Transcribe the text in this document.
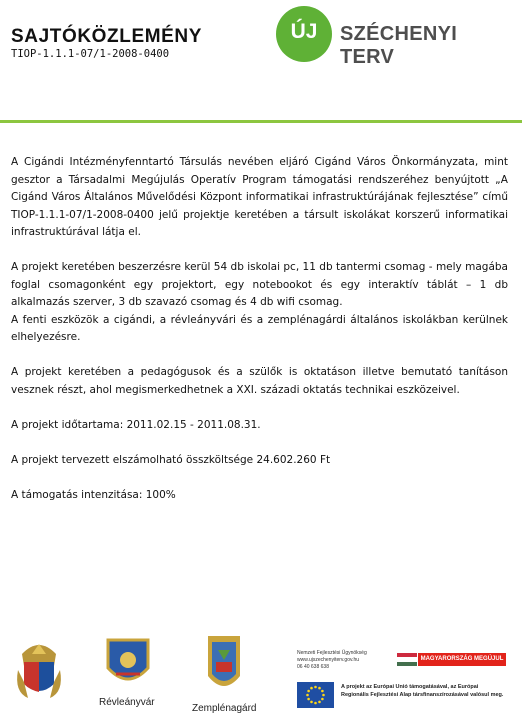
SAJTÓKÖZLEMÉNY
TIOP-1.1.1-07/1-2008-0400
ÚJ	SZÉCHENYI TERV

A Cigándi Intézményfenntartó Társulás nevében eljáró Cigánd Város Önkormányzata, mint gesztor a Társadalmi Megújulás Operatív Program támogatási rendszeréhez benyújtott „A Cigánd Város Általános Művelődési Központ informatikai infrastruktúrájának fejlesztése” című TIOP-1.1.1-07/1-2008-0400 jelű projektje keretében a társult iskolákat korszerű informatikai infrastruktúrával látja el.

A projekt keretében beszerzésre kerül 54 db iskolai pc, 11 db tantermi csomag - mely magába foglal csomagonként egy projektort, egy notebookot és egy interaktív táblát – 1 db alkalmazás szerver, 3 db szavazó csomag és 4 db wifi csomag.

A fenti eszközök a cigándi, a révleányvári és a zemplénagárdi általános iskolákban kerülnek elhelyezésre.

A projekt keretében a pedagógusok és a szülők is oktatáson illetve bemutató tanításon vesznek részt, ahol megismerkedhetnek a XXI. századi oktatás technikai eszközeivel.

A projekt időtartama: 2011.02.15 - 2011.08.31.

A projekt tervezett elszámolható összköltsége 24.602.260 Ft

A támogatás intenzitása: 100%

Révleányvár
Zemplénagárd
Nemzeti Fejlesztési Ügynökség
www.ujszechenyiterv.gov.hu
06 40 638 638
MAGYARORSZÁG MEGÚJUL
A projekt az Európai Unió támogatásával, az Európai
Regionális Fejlesztési Alap társfinanszírozásával valósul meg.
